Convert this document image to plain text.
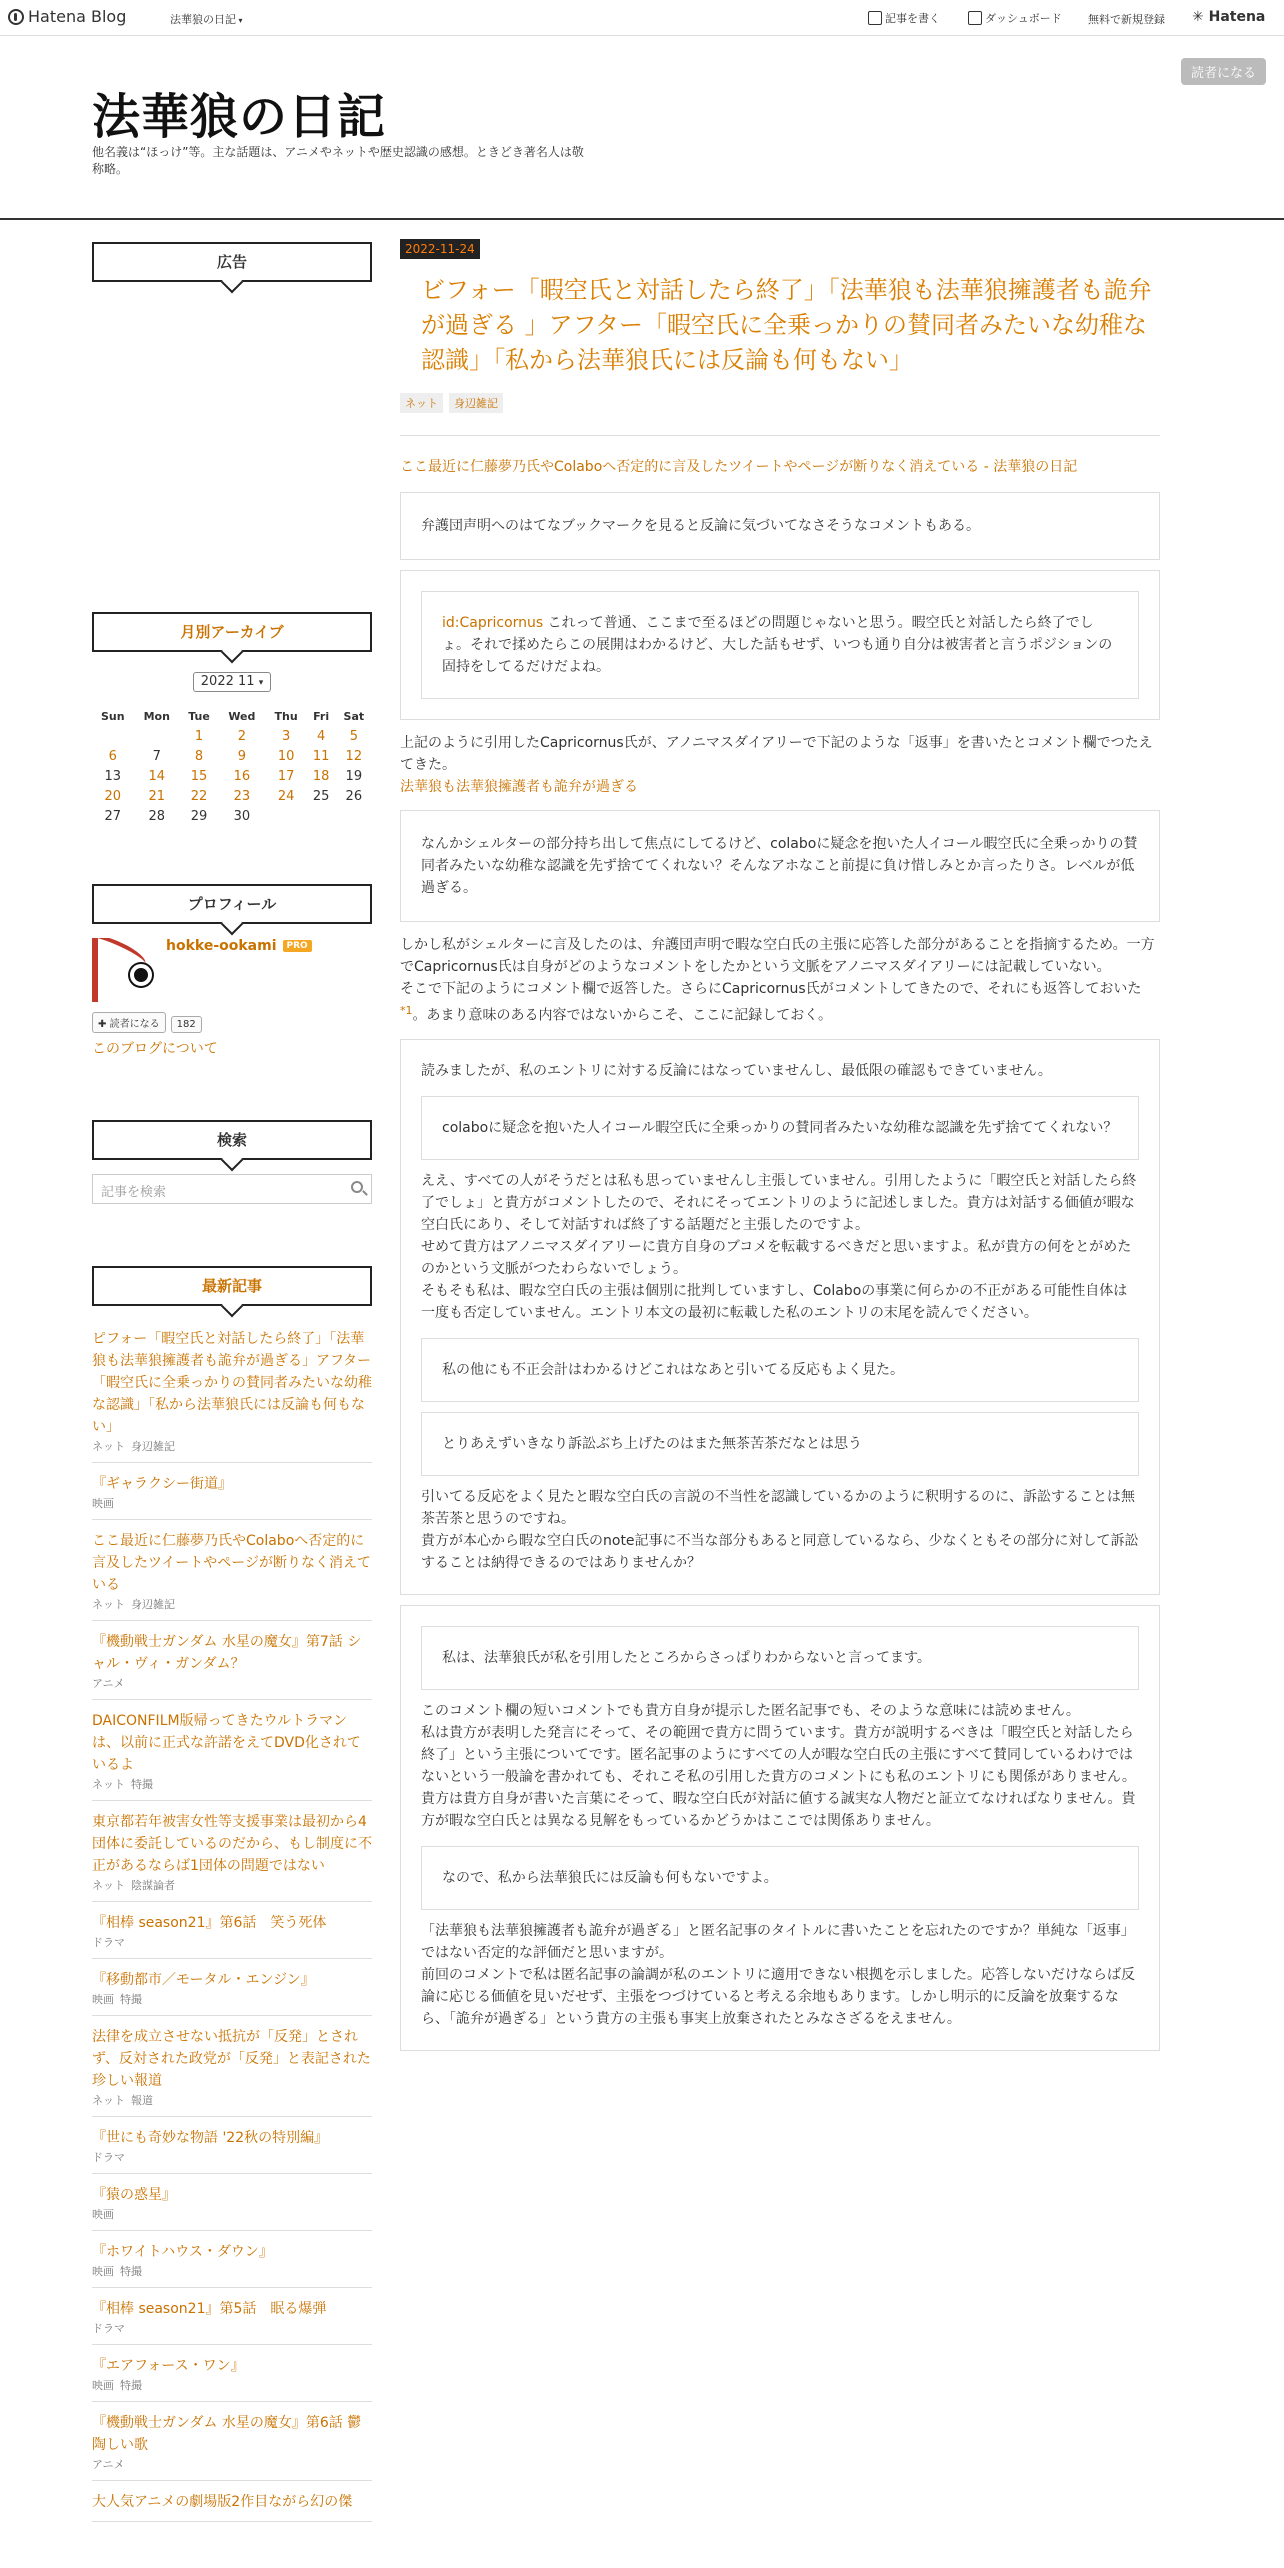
Hatena Blog	法華狼の日記 ▾	記事を書く	ダッシュボード 無料で新規登録 ✳ Hatena
法華狼の日記
他名義は“ほっけ”等。主な話題は、アニメやネットや歴史認識の感想。ときどき著名人は敬称略。
読者になる
広告
月別アーカイブ
2022 11 ▾
Sun	Mon	Tue	Wed	Thu	Fri	Sat
		1	2	3	4	5
6	7	8	9	10	11	12
13	14	15	16	17	18	19
20	21	22	23	24	25	26
27	28	29	30			
プロフィール
hokke-ookami PRO
✚ 読者になる 182
このブログについて
検索
記事を検索
最新記事
ピフォー「暇空氏と対話したら終了」「法華狼も法華狼擁護者も詭弁が過ぎる」アフター「暇空氏に全乗っかりの賛同者みたいな幼稚な認識」「私から法華狼氏には反論も何もない」
ネット 身辺雑記
『ギャラクシー街道』
映画
ここ最近に仁藤夢乃氏やColaboへ否定的に言及したツイートやページが断りなく消えている
ネット 身辺雑記
『機動戦士ガンダム 水星の魔女』第7話 シャル・ヴィ・ガンダム？
アニメ
DAICONFILM版帰ってきたウルトラマンは、以前に正式な許諾をえてDVD化されているよ
ネット 特撮
東京都若年被害女性等支援事業は最初から4団体に委託しているのだから、もし制度に不正があるならば1団体の問題ではない
ネット 陰謀論者
『相棒 season21』第6話　笑う死体
ドラマ
『移動都市／モータル・エンジン』
映画 特撮
法律を成立させない抵抗が「反発」とされず、反対された政党が「反発」と表記された珍しい報道
ネット 報道
『世にも奇妙な物語 '22秋の特別編』
ドラマ
『猿の惑星』
映画
『ホワイトハウス・ダウン』
映画 特撮
『相棒 season21』第5話　眠る爆弾
ドラマ
『エアフォース・ワン』
映画 特撮
『機動戦士ガンダム 水星の魔女』第6話 鬱陶しい歌
アニメ
大人気アニメの劇場版2作目ながら幻の傑
2022-11-24
ビフォー「暇空氏と対話したら終了」「法華狼も法華狼擁護者も詭弁が過ぎる 」アフター「暇空氏に全乗っかりの賛同者みたいな幼稚な認識」「私から法華狼氏には反論も何もない」
ネット 身辺雑記
ここ最近に仁藤夢乃氏やColaboへ否定的に言及したツイートやページが断りなく消えている - 法華狼の日記
弁護団声明へのはてなブックマークを見ると反論に気づいてなさそうなコメントもある。
id:Capricornus これって普通、ここまで至るほどの問題じゃないと思う。暇空氏と対話したら終了でしょ。それで揉めたらこの展開はわかるけど、大した話もせず、いつも通り自分は被害者と言うポジションの固持をしてるだけだよね。
上記のように引用したCapricornus氏が、アノニマスダイアリーで下記のような「返事」を書いたとコメント欄でつたえてきた。
法華狼も法華狼擁護者も詭弁が過ぎる
なんかシェルターの部分持ち出して焦点にしてるけど、colaboに疑念を抱いた人イコール暇空氏に全乗っかりの賛同者みたいな幼稚な認識を先ず捨ててくれない？そんなアホなこと前提に負け惜しみとか言ったりさ。レベルが低過ぎる。
しかし私がシェルターに言及したのは、弁護団声明で暇な空白氏の主張に応答した部分があることを指摘するため。一方でCapricornus氏は自身がどのようなコメントをしたかという文脈をアノニマスダイアリーには記載していない。
そこで下記のようにコメント欄で返答した。さらにCapricornus氏がコメントしてきたので、それにも返答しておいた$^{*1}$。あまり意味のある内容ではないからこそ、ここに記録しておく。
読みましたが、私のエントリに対する反論にはなっていませんし、最低限の確認もできていません。
colaboに疑念を抱いた人イコール暇空氏に全乗っかりの賛同者みたいな幼稚な認識を先ず捨ててくれない？
ええ、すべての人がそうだとは私も思っていませんし主張していません。引用したように「暇空氏と対話したら終了でしょ」と貴方がコメントしたので、それにそってエントリのように記述しました。貴方は対話する価値が暇な空白氏にあり、そして対話すれば終了する話題だと主張したのですよ。
せめて貴方はアノニマスダイアリーに貴方自身のブコメを転載するべきだと思いますよ。私が貴方の何をとがめたのかという文脈がつたわらないでしょう。
そもそも私は、暇な空白氏の主張は個別に批判していますし、Colaboの事業に何らかの不正がある可能性自体は一度も否定していません。エントリ本文の最初に転載した私のエントリの末尾を読んでください。
私の他にも不正会計はわかるけどこれはなあと引いてる反応もよく見た。
とりあえずいきなり訴訟ぶち上げたのはまた無茶苦茶だなとは思う
引いてる反応をよく見たと暇な空白氏の言説の不当性を認識しているかのように釈明するのに、訴訟することは無茶苦茶と思うのですね。
貴方が本心から暇な空白氏のnote記事に不当な部分もあると同意しているなら、少なくともその部分に対して訴訟することは納得できるのではありませんか？
私は、法華狼氏が私を引用したところからさっぱりわからないと言ってます。
このコメント欄の短いコメントでも貴方自身が提示した匿名記事でも、そのような意味には読めません。
私は貴方が表明した発言にそって、その範囲で貴方に問うています。貴方が説明するべきは「暇空氏と対話したら終了」という主張についてです。匿名記事のようにすべての人が暇な空白氏の主張にすべて賛同しているわけではないという一般論を書かれても、それこそ私の引用した貴方のコメントにも私のエントリにも関係がありません。
貴方は貴方自身が書いた言葉にそって、暇な空白氏が対話に値する誠実な人物だと証立てなければなりません。貴方が暇な空白氏とは異なる見解をもっているかどうかはここでは関係ありません。
なので、私から法華狼氏には反論も何もないですよ。
「法華狼も法華狼擁護者も詭弁が過ぎる」と匿名記事のタイトルに書いたことを忘れたのですか？単純な「返事」ではない否定的な評価だと思いますが。
前回のコメントで私は匿名記事の論調が私のエントリに適用できない根拠を示しました。応答しないだけならば反論に応じる価値を見いだせず、主張をつづけていると考える余地もあります。しかし明示的に反論を放棄するなら、「詭弁が過ぎる」という貴方の主張も事実上放棄されたとみなさざるをえません。
